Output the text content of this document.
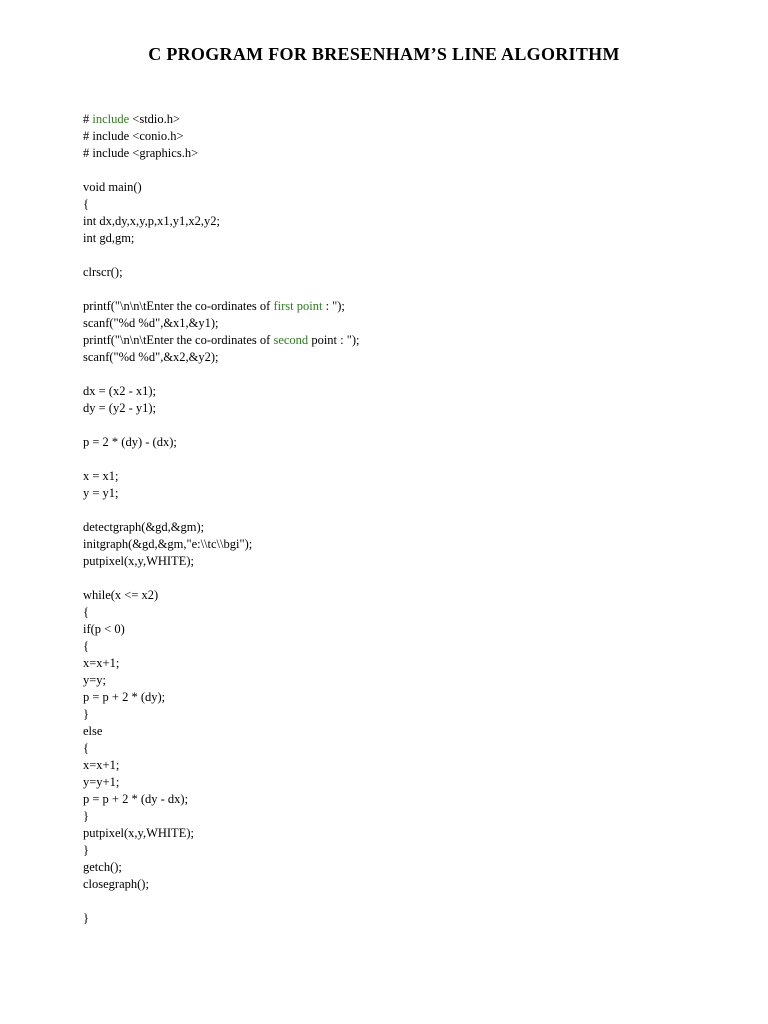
C PROGRAM FOR BRESENHAM’S LINE ALGORITHM
# include <stdio.h>
# include <conio.h>
# include <graphics.h>
void main()
{
int dx,dy,x,y,p,x1,y1,x2,y2;
int gd,gm;
clrscr();
printf("\n\n\tEnter the co-ordinates of first point : ");
scanf("%d %d",&x1,&y1);
printf("\n\n\tEnter the co-ordinates of second point : ");
scanf("%d %d",&x2,&y2);
dx = (x2 - x1);
dy = (y2 - y1);
p = 2 * (dy) - (dx);
x = x1;
y = y1;
detectgraph(&gd,&gm);
initgraph(&gd,&gm,"e:\\tc\\bgi");
putpixel(x,y,WHITE);
while(x <= x2)
{
if(p < 0)
{
x=x+1;
y=y;
p = p + 2 * (dy);
}
else
{
x=x+1;
y=y+1;
p = p + 2 * (dy - dx);
}
putpixel(x,y,WHITE);
}
getch();
closegraph();
}
